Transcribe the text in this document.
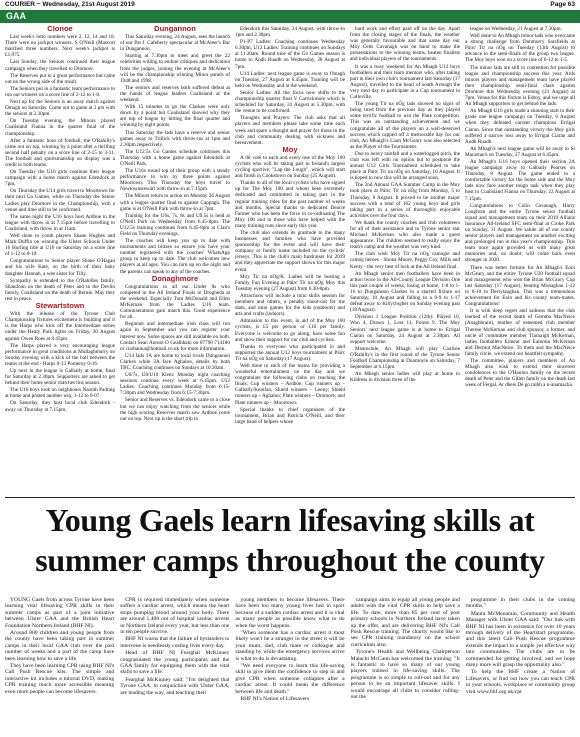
COURIER ~ Wednesday, 21st August 2019	Page 63
GAA
Clonoe

Last week's lotto numbers were 2, 12, 14 and 18. There were no jackpot winners. S O'Neill (Mascot) matched three numbers. Next week's jackpot is £1,975.

Last Sunday, the Seniors continued their league campaign when they travelled to Dromore.

The Reserves put in a great performance but came out on the wrong side of the result.

The Seniors put in a fantastic team performance to run out winners on a score line of 2-12 to 1-8.

Next up for the Seniors is an away match against Omagh on Saturday. Come out to game at 2 pm with the seniors at 2.30pm.

On Tuesday evening, the Minors played Coalisland Fianna in the quarter final of the championship.

After a fantastic hour of football, the O'Rahilly's came out on top, winning by a point after a thrilling second half penalty on a score line of 2-15 to 3-11. The football and sportsmanship on display was a credit to both teams.

On Tuesday the U16 girls continue their league campaign with a home match against Edendork at 7pm.

On Thursday the U14 girls travel to Moortown for their next Go Games, while on Thursday the Senior Ladies play Dromore in the Championship, with a venue and time still to be confirmed.

The same night the U16 boys host Ardboe in the league with throw in at 7.15pm before travelling to Coalisland, with throw in at 11am.

Well done to youth players Shane Hughes and Mark Duffin on winning the Ulster Schools Under 16 Hurling title at U16 on Saturday on a score line of 1-12 to 0-10.

Congratulations to Senior player Shane O'Hagan and his wife Kate, on the birth of their baby daughter Hannah, a wee sister for Tilly.

Sympathy is extended to the O'Rahilles family, Shandoon on the death of Peter and to the Devlin family, Coalisland on the death of Bernie. May they rest in peace.

Stewartstown

With the release of the Tyrone Club Championship fixtures excitement is building and it is the Harps who kick off the Intermediate series under the Healy Park lights on Friday, 30 August against Owen Roes at 8.45pm.

The Harps played a very encouraging league performance in great conditions at Mullaghmurry on Sunday evening with a kick of the ball between the teams at the end - Harps 0-13 Pomeroy 0-16.

Up next in the league is Galbally at home, final for Saturday at 2.30pm. Supporters are asked to get behind their home senior matches this season.

The U16 boys took on neighbours Naomh Padraig at home and posted another win, 1-12 to 0-07.

On Saturday, they host local club Edendork - away on Thursday at 7.15pm.

Dungannon

This Saturday evening, 24 August, sees the launch of our Pat J. Cafeberry spectacular at McAleer's Bar in Dungannon.

Starting at 7.30pm to meet and greet the 22 celebrities willing to endure critiques and dedication from the judges, joining the evening at McAleer's will be the championship winning Minor panels of 1948 and 1998.

The seniors and reserves both suffered defeat at the hands of league leaders Coalisland at the weekend.

With 15 minutes to go the Clarkes were only down by a point but Coalisland showed why they are top of league by hitting the final quarter and winning by eight points.

This Saturday the lads have a reserve and senior games away to Trillick with throw-ins at 1pm and 2.30pm respectively.

The U12.5s Go Games schedule continues this Thursday with a home game against Edendork at O'Neill Park.

The U16s round top of their group with a steady performance to win by three points against Moortown. This Thursday the boys travel to Newtownstewart with throw-in at 7.15pm.

The Minors return to action on Monday 26 August with a league quarter final to against Cappagh. The game is at O'Neill Park with throw-in at 7pm.

Training for the U6s, 7s, 8s and U9.5s is held at O'Neill Park on Wednesday from 6.45-8pm. The U12.5s training continues from 6.45-8pm at Clan's Field on Thursday evenings.

The coaches will keep you up to date with tournaments and blitzes so ensure you have your number registered with the coaches' WhatsApp group to keep up to date. The club welcomes new players at all ages. You can turn up on the night and the parents can speak to any of the coaches.

Donaghmore

Congratulations to all our Under 8s who competed in the All Ireland Finals in Drogheda at the weekend. Especially Tom McDonald and Ellen McKernan from the Ladies U16 team. Commiserations gain match this. Great experience for all.

Beginner and intermediate irish class will run again in September and you can register your interest now. Some spaces are still available on both. Contact Sean Antoin O Gealbhain on 07790 714180 or ciarbanna@hotmail.co.uk for more information.

U14 lads 1A are home to local rivals Dungannon Clarkes while 3A face Aghaloo, details by both TBC. Coaching continues on Sundays at 10.30am.

U6/7s, U8/U10 Kiem: Monday night coaching sessions continue every week at 6.45pm. U12 Ladies: Coaching continues Monday from 6:15-7:30pm and Wednesday from 6:15-7:30pm.

Senior and Reserves vs. Edendork came to a close but we can enjoy watching from the seniors while the high scoring Reserves match saw Ardboe come out on top. Next up is the short trip to

Edendork this Saturday, 24 August, with throw-in 1pm and 2.30pm.

P1-P7 Ladies: Coaching continues Wednesday 6.30pm. U12 Ladies: Training continues on Sundays at 11.30am. Round nine of the Go Games season is home to Aodh Ruadh on Wednesday, 28 August at 7pm.

U14 Ladies: next league game is away to Omagh on Tuesday, 27 August at 6.45pm. Training will be held on Wednesday and at the weekend.

Senior Ladies: All the focus now shifts to the championship quarter final V Carrickmore which is scheduled for Saturday, 31 August at 5.30pm, with the venue to be confirmed.

Thoughts and Prayers: The club asks that all players and members please take some time each week and spare a thought and prayer for those in the club and community dealing with sickness and bereavement.

Moy

A dit vote to each and every one of the Moy 100 cyclists who will be taking part in Ireland's largest cycling sportive, "Lap the Lough", which will start and finish in Cookstown on Sunday (25 August).

Thanks to all of the local cyclists who have signed up for The Moy 100 and whom been extremely dedicated and committed in taking part in the regular training rides for the past number of weeks and months. Special thanks to dedicated Deacie Farmer who has been the force in co-ordinating The Moy 100 and to those who have helped with the many training runs since early this year.

The club also extends its gratitude to the many businesses and families who have provided sponsorship for the event and will have their company or family name included on the cyclists' jerseys. This is the club's main fundraiser for 2019 and they appreciate the support shown for this major event.

Moy Tir na nOg/K. Ladies will be hosting a Family Fun Evening at Páirc Tír na nÓg Moy this Tuesday evening (27 August) from 6.30-8pm.

Attractions will include a mini skills session for members and others, a penalty shoot-out for the dads, and mini games for the kids (outdoors) and arts and crafts (indoors).

Admission to this event, in aid of the Moy 100 cyclists, is £5 per person or £10 per family. Everyone is welcome to go along, have some fun and show their support for our club and cyclists.

Thanks to everyone who participated in and supported the annual U12 boys tournament at Páirc Tír na nÓg on Saturday (17 August).

Well done to each of the teams for providing a wonderful entertainment on the day and we congratulate the following clubs on reaching the finals: Cup winners – Ardboe; Cup runners up – Galbally/Kemfan; Shield winners – Leeny; Shield runners up – Aghaloo; Plate winners – Dromore; and Plate runners up – Moortown.

Special thanks to chief organisers of the tournament, Brian and Patricia O'Neill, and their large band of helpers whose

hard work and effort paid off on the day. Apart from the closing stages of the finals, the weather was generally favourable and that same day our Moy Celts Cavanagh was on hand to make the presentations to the winning teams, beaten finalists and individual players of the tournaments.

It was a busy weekend for An Mhagh U12 boys footballers and their team mentors who, after taking part in their own club's tournament last Saturday (17 August), travelled to the heart of south Armagh the very next day to participate in a Cup tournament in Culloville.

The young Tír na nÓg lads showed no signs of being tired from the previous day as they played some terrific football to win the Plate competition. This was an outstanding achievement and we congratulate all of the players on a well-deserved success which capped off a memorable day for our club, An Mhaigh's Liam McGeary was also selected as the Player of the Tournament.

Due to heavy rainfall and a waterlogged pitch, the club was left with no option but to postpone the annual U12 Girls Tournament scheduled to take place at Páirc Tír na nÓg on Saturday, 10 August. It is hoped to now this will be arranged soon.

The 2nd Annual GAA Summer Camp in the Moy took place at Páirc Tír na nÓg from Monday, 5 to Thursday, 8 August. It proved to be another major success with a total of 162 young boys and girls taking part in a series of thoroughly enjoyable activities over the four days.

We thank the county coaches and club volunteers for all of their assistance and to Tyrone senior star Michael McKernan who also made a guest appearance. The children seemed to really enjoy the team's camp and the weather was very kind.

The club wish Moy Tir na nOg camogie and camóg heroes - Shona Moore, Peggy Coy, Mills and Kenty - the very best of luck at the All Ireland final.

An Mhagh senior men footballers have been in action twice in the All-County League Division One this past couple of weeks, losing at home, 1-8 to 1-16 to Dungannon Clarkes in a starred fixture on Saturday, 10 August and falling to a 0-9 to 1-17 defeat away to Killyclogher on Sunday evening past (18 August).

Division 1 League Position (12th): Played 16, Won 4, Drawn 1, Lost 11, Points 9. The Moy Seniors' next league game is at home to Errigal Ciaran on Saturday, 24 August at 2.30pm. All support welcome.

Meanwhile, An Mhagh will play Coalisle O'Rahilly's in the first round of the Tyrone Senior Football Championship at Dunmoyle on Saturday, 7 September at 6.15pm.

An Mhagh senior ladies will play at home to Kildress in division three of the

league on Wednesday, 21 August at 7.30pm.

Well done to An Mhagh minor lads who overcame a strong challenge from Dunmurry Sarsfields at Páirc Tír na nÓg on Tuesday (13th August) to advance to the semi-finals of the group two league. The Moy boys won on a score line of 0-12 to 1-5.

The minor lads are still in contention for possible league and championship success this year. Ards minors players and management team have played their championship semi-final clash against Dromore this Wednesday evening (21 August) at 7pm. Venue for this fixture is Edroy, and we urge all An Mhagh supporters to get behind the lads.

An Mhagh U16 girls made a stunning start to their grade one league campaign on Tuesday, 6 August when they defeated current champions Errigal Ciaran. Since that outstanding victory the Moy girls suffered a narrow loss away to Errigal Ciaran and Aodh Ruadh.

An Mhagh's next league game will be away to St Macartan's on Tuesday, 27 August at 6.45pm.

An Mhagh's U16 boys opened their section 2A league campaign away to Galbally Pearses on Thursday, 8 August. The game ended in a comfortable victory for the home side and the Moy lads now face another tough task when they play host to Coalisland Fianna on Thursday, 22 August at 7.15pm.

Congratulations to Colin Cavanagh, Harry Loughran and the entire Tyrone senior football squad and management team on their 2019 Allianz Insurance All-Ireland SFC semi-final at Croke Park on Sunday, 11 August. We salute all of our county senior players and management on another exciting and prolonged run in this year's championship. This team once again provided us with many great memories and, no doubt, will come back even stronger in 2020.

There was better fortune for An Mhagh's Eoin McGeary and the entire Tyrone U20 football squad and management who won the Brian McGrory Cup last Saturday (17 August), beating Monaghan 1-12 to 0-10 in Derrylaughan. This was a tremendous achievement for Eoin and his county team-mates. Congratulations!

It is with deep regret and sadness that the club learned of the recent death of Gemma MacNeice (Anaghbrain), mother of esteemed club member Therese McKernan and club sponsor, a former, and uncle of committee member Tiarnaigh McKernan, ladies footballers Eimear and Eamonn McKernan and Dermot MacNeice. To them and the MacNeice family circle, we extend our heartfelt sympathy.

The committee, players and members of An Mhagh also wish to extend their sincerest condolences to the O'Hanlon family on the recent death of Peter and the Gillen family on the death last week of Fergal. Ar dheis Dé go raibh a n-anamacha.

Young Gaels learn lifesaving skills at summer camps throughout the county

YOUNG Gaels from across Tyrone have been learning vital lifesaving CPR skills in their summer camps as part of a joint initiative between Ulster GAA and the British Heart Foundation Northern Ireland (BHF NI).

Around 800 children and young people from the county have been taking part in summer camps in their local GAA club over the past number of weeks and a part of the camp have been learning how to save a life.

They have been learning CPR using BHF NI's Call Push Rescue kits. The simple and interactive kit includes a tutorial DVD, making CPR training much more accessible meaning even more people can become lifesavers.

CPR is required immediately when someone suffers a cardiac arrest, which means the heart stops pumping blood around your body. There are around 1,400 out of hospital cardiac arrests in Northern Ireland every year, but less than one in ten people survive.

BHF NI warns that the failure of bystanders to intervene is needlessly costing lives every day.

Head of BHF NI Fearghal McKinney congratulated the young participants and the GAA family for equipping them with the vital skills to save a life.

Fearghal McKinney said: "I'm delighted that Tyrone GAA, in conjunction with Ulster GAA, are leading the way, and teaching their

young members to become lifesavers. There have been too many young lives lost in sport because of a sudden cardiac arrest and it is vital as many people as possible know what to do when the worst happens.

"When someone has a cardiac arrest it most likely won't be a stranger in the street it will be your mum, dad, club mate or colleague and standing by while the emergency services arrive is what to do is devastating.

"We need everyone to learn this life-saving skill to give them the confidence to step in and give CPR when someone collapses after a cardiac arrest. It could mean the difference between life and death."

BHF NI's Nation of Lifesavers

campaign aims to equip all young people and adults with the vital CPR skills to help save a life. To date, more than 85 per cent of post primary schools in Northern Ireland have taken up the offer, and are delivering BHF NI's Call Push Rescue training. The charity would like to see CPR training mandatory on the school curriculum also.

Tyrone's Health and Wellbeing Chairperson Malachi McCann has welcomed the training: "It is fantastic to have so many of our young players trained in life-saving skills. The programme is so simple to roll-out and for any person to be an important lifesaver skills. I would encourage all clubs to consider rolling-out the

programme in their clubs in the coming months."

Maura McMenamin, Community and Health Manager with Ulster GAA said: "Our link with BHF NI has been in existence for over 10 years through delivery of the Heartstart programme, and this latest Call Push Rescue programme extends the impact in a simple yet effective way into communities. The clubs are to be commended for getting involved, and we hope many more will grasp the opportunity also."

To help the BHF create a Nation of Lifesavers, or find out how you can teach CPR in your schools, workplace or community group visit www.bhf.org.uk/cpr
